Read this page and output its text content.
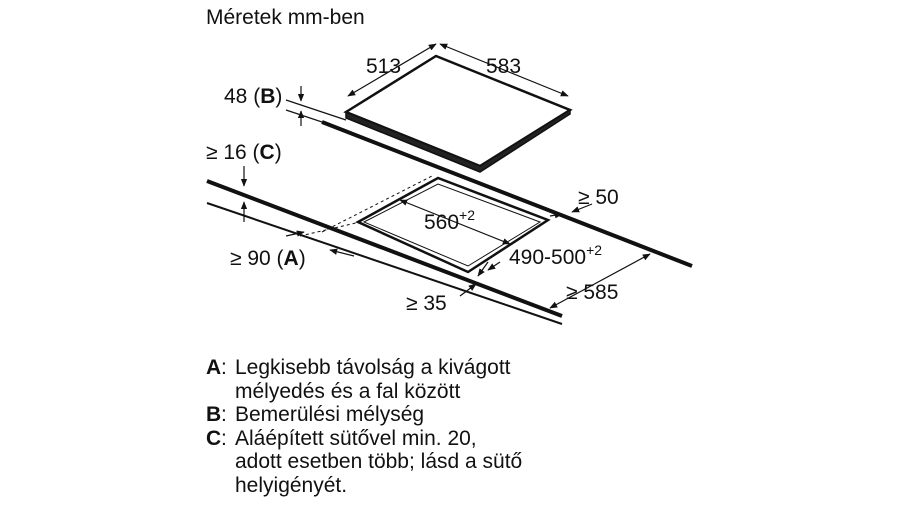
Méretek mm-ben
513	583
48 (B)
≥ 16 (C)
$560^{+2}$
$490-500^{+2}$
≥ 50
≥ 90 (A)
≥ 585
≥ 35
A : Legkisebb távolság a kivágott
mélyedés és a fal között
B : Bemerülési mélység
C : Aláépített sütővel min. 20,
adott esetben több; lásd a sütő
helyigényét.
